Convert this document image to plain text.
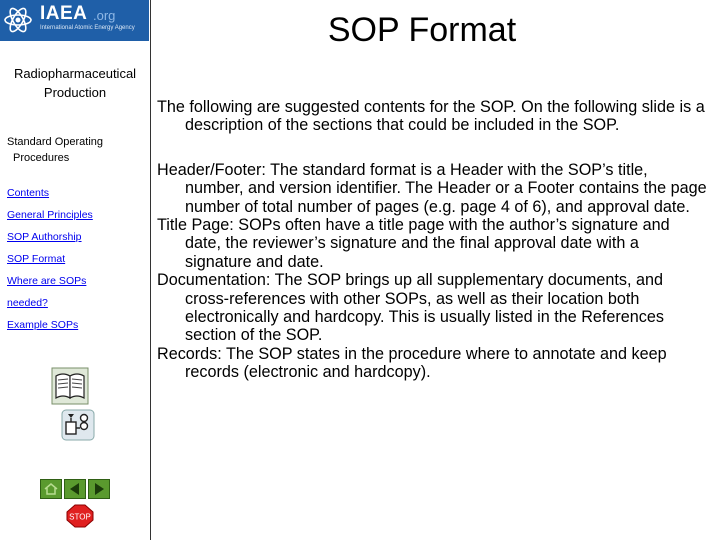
IAEA .org
International Atomic Energy Agency
Radiopharmaceutical
Production
Standard Operating
Procedures
Contents
General Principles
SOP Authorship
SOP Format
Where are SOPs
needed?
Example SOPs
STOP
SOP Format

The following are suggested contents for the SOP. On the following slide is a description of the sections that could be included in the SOP.

Header/Footer: The standard format is a Header with the SOP’s title, number, and version identifier. The Header or a Footer contains the page number of total number of pages (e.g. page 4 of 6), and approval date.

Title Page: SOPs often have a title page with the author’s signature and date, the reviewer’s signature and the final approval date with a signature and date.

Documentation: The SOP brings up all supplementary documents, and cross-references with other SOPs, as well as their location both electronically and hardcopy. This is usually listed in the References section of the SOP.

Records: The SOP states in the procedure where to annotate and keep records (electronic and hardcopy).
